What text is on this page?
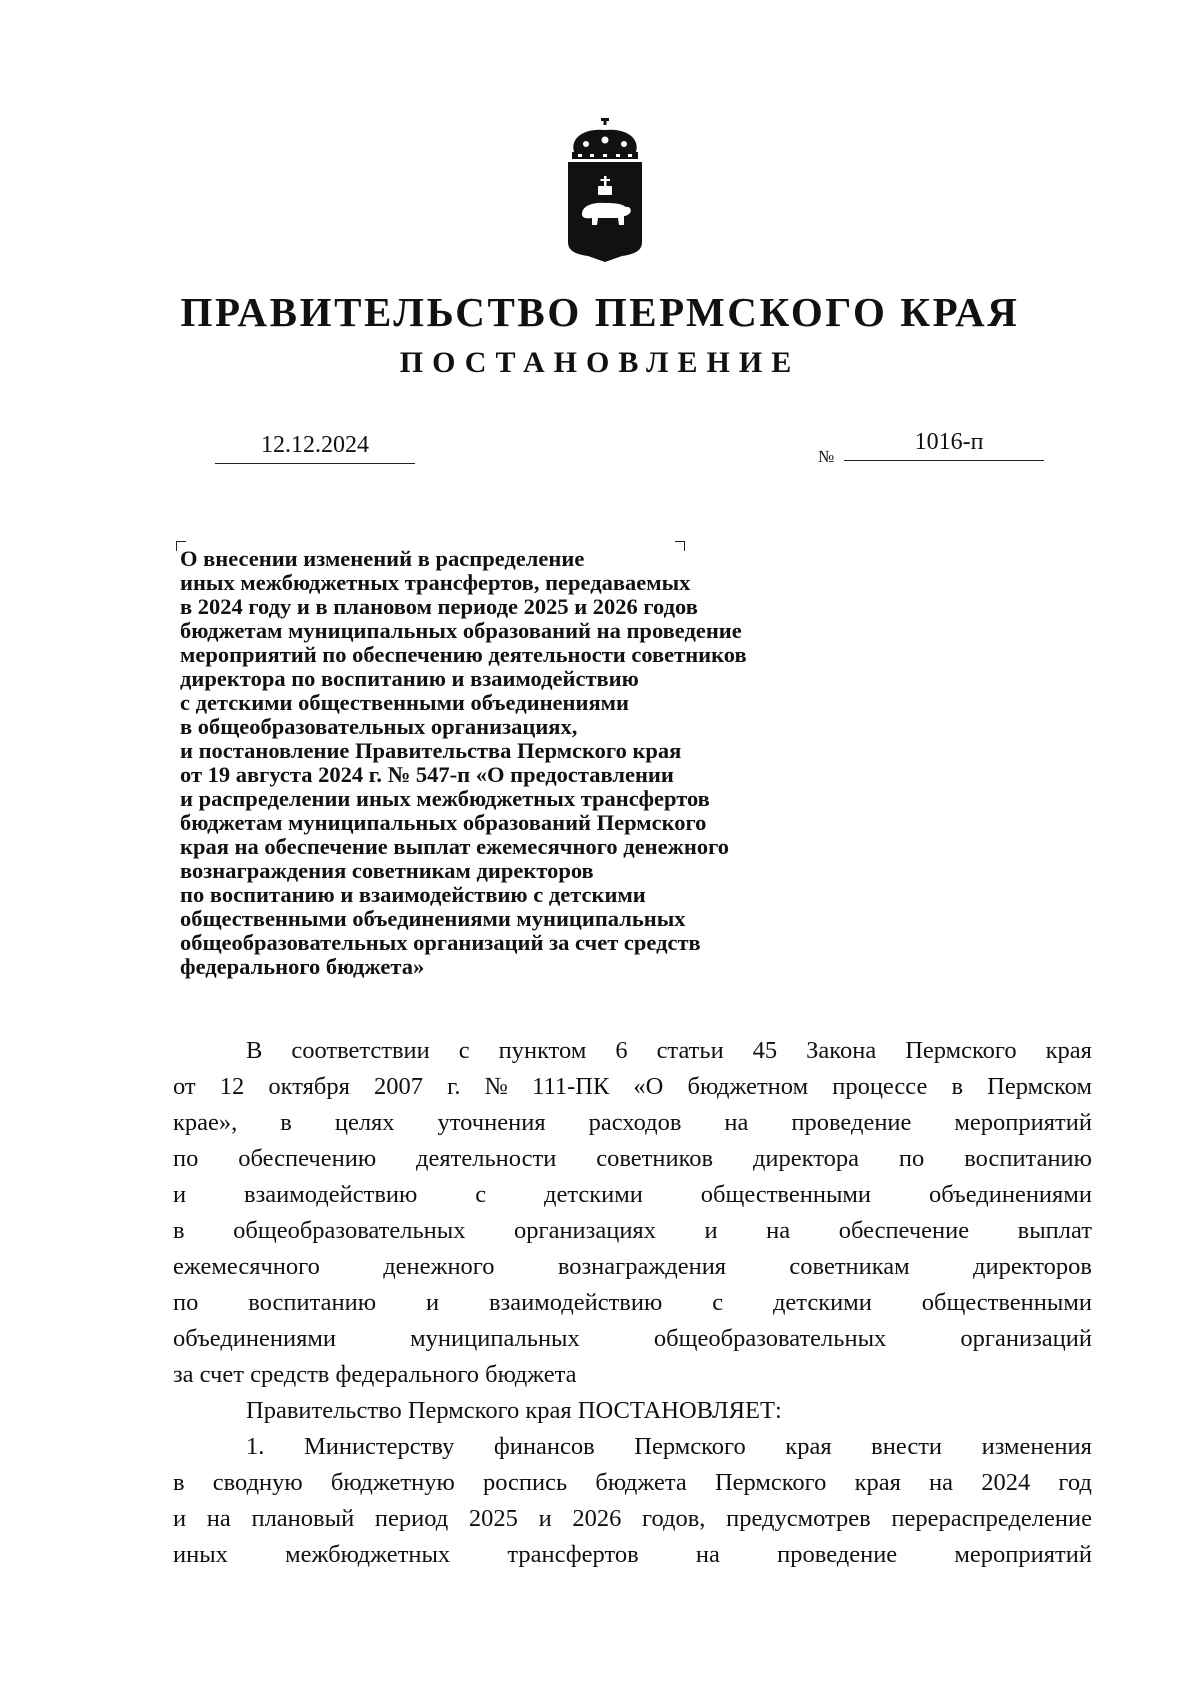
ПРАВИТЕЛЬСТВО ПЕРМСКОГО КРАЯ
ПОСТАНОВЛЕНИЕ
12.12.2024	№
1016-п
О внесении изменений в распределение
иных межбюджетных трансфертов, передаваемых
в 2024 году и в плановом периоде 2025 и 2026 годов
бюджетам муниципальных образований на проведение
мероприятий по обеспечению деятельности советников
директора по воспитанию и взаимодействию
с детскими общественными объединениями
в общеобразовательных организациях,
и постановление Правительства Пермского края
от 19 августа 2024 г. № 547-п «О предоставлении
и распределении иных межбюджетных трансфертов
бюджетам муниципальных образований Пермского
края на обеспечение выплат ежемесячного денежного
вознаграждения советникам директоров
по воспитанию и взаимодействию с детскими
общественными объединениями муниципальных
общеобразовательных организаций за счет средств
федерального бюджета»
В соответствии с пунктом 6 статьи 45 Закона Пермского края
от 12 октября 2007 г. № 111-ПК «О бюджетном процессе в Пермском
крае», в целях уточнения расходов на проведение мероприятий
по обеспечению деятельности советников директора по воспитанию
и взаимодействию с детскими общественными объединениями
в общеобразовательных организациях и на обеспечение выплат
ежемесячного	денежного	вознаграждения	советникам	директоров
по воспитанию и взаимодействию с детскими общественными
объединениями	муниципальных	общеобразовательных	организаций
за счет средств федерального бюджета
Правительство Пермского края ПОСТАНОВЛЯЕТ:
1. Министерству финансов Пермского края внести изменения
в сводную бюджетную роспись бюджета Пермского края на 2024 год
и на плановый период 2025 и 2026 годов, предусмотрев перераспределение
иных межбюджетных трансфертов на проведение мероприятий
